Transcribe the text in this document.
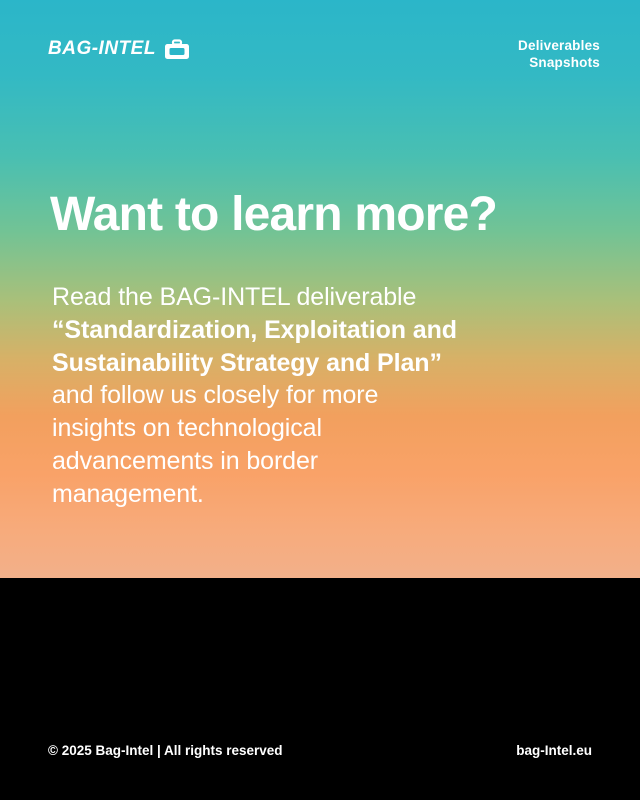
BAG-INTEL	Deliverables
Snapshots
Want to learn more?
Read the BAG-INTEL deliverable
“Standardization, Exploitation and
Sustainability Strategy and Plan”
and follow us closely for more
insights on technological
advancements in border
management.
© 2025 Bag-Intel | All rights reserved	bag-Intel.eu
